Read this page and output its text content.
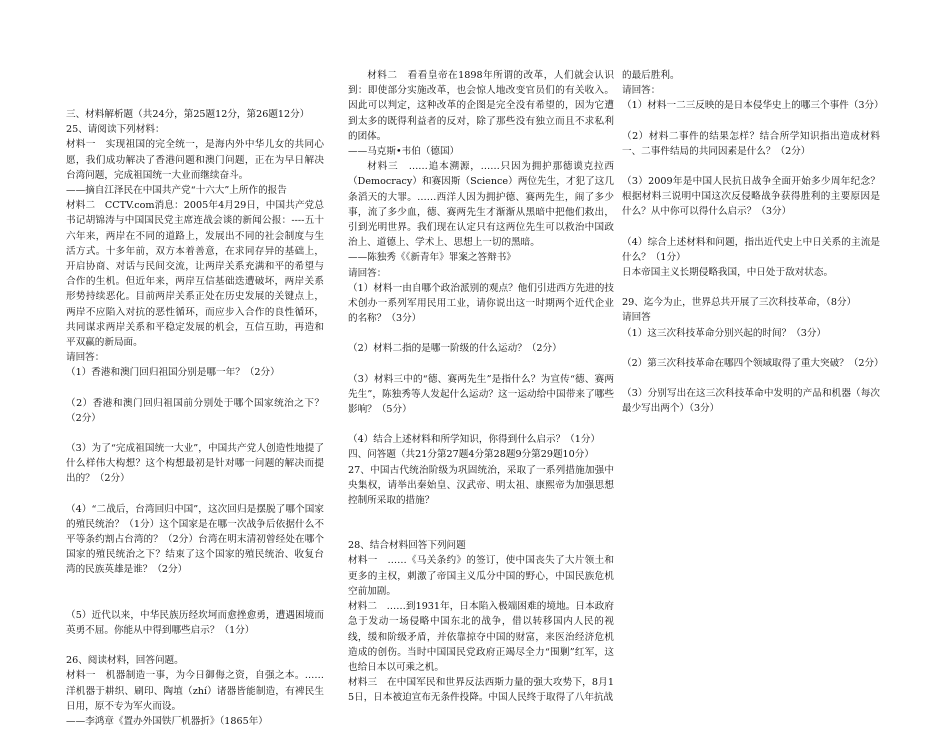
三、材料解析题（共24分，第25题12分，第26题12分）

25、请阅读下列材料：

材料一　实现祖国的完全统一，是海内外中华儿女的共同心愿，我们成功解决了香港问题和澳门问题，正在为早日解决台湾问题，完成祖国统一大业而继续奋斗。

——摘自江泽民在中国共产党“十六大”上所作的报告

材料二　CCTV.com消息：2005年4月29日，中国共产党总书记胡锦涛与中国国民党主席连战会谈的新闻公报：----五十六年来，两岸在不同的道路上，发展出不同的社会制度与生活方式。十多年前，双方本着善意，在求同存异的基础上，开启协商、对话与民间交流，让两岸关系充满和平的希望与合作的生机。但近年来，两岸互信基础迭遭破坏，两岸关系形势持续恶化。目前两岸关系正处在历史发展的关键点上，两岸不应陷入对抗的恶性循环，而应步入合作的良性循环，共同谋求两岸关系和平稳定发展的机会，互信互助，再造和平双赢的新局面。

请回答：

（1）香港和澳门回归祖国分别是哪一年？（2分）

（2）香港和澳门回归祖国前分别处于哪个国家统治之下？（2分）

（3）为了“完成祖国统一大业”，中国共产党人创造性地提了什么样伟大构想？这个构想最初是针对哪一问题的解决而提出的？（2分）

（4）“二战后，台湾回归中国”，这次回归是摆脱了哪个国家的殖民统治？（1分）这个国家是在哪一次战争后依据什么不平等条约割占台湾的？（2分）台湾在明末清初曾经处在哪个国家的殖民统治之下？结束了这个国家的殖民统治、收复台湾的民族英雄是谁？（2分）

（5）近代以来，中华民族历经坎坷而愈挫愈勇，遭遇困境而英勇不屈。你能从中得到哪些启示？（1分）

26、阅读材料，回答问题。

材料一　机器制造一事，为今日御侮之资，自强之本。……洋机器于耕织、刷印、陶埴（zhí）诸器皆能制造，有裨民生日用，原不专为军火而设。

——李鸿章《置办外国铁厂机器折》（1865年）

材料二　看看皇帝在1898年所谓的改革，人们就会认识到：即使部分实施改革，也会惊人地改变官员们的有关收入。因此可以判定，这种改革的企图是完全没有希望的，因为它遭到太多的既得利益者的反对，除了那些没有独立而且不求私利的团体。

——马克斯•韦伯（德国）

材料三　……追本溯源，……只因为拥护那德谟克拉西（Democracy）和赛因斯（Science）两位先生，才犯了这几条滔天的大罪。……西洋人因为拥护德、赛两先生，闹了多少事，流了多少血，德、赛两先生才渐渐从黑暗中把他们救出，引到光明世界。我们现在认定只有这两位先生可以救治中国政治上、道德上、学术上、思想上一切的黑暗。

——陈独秀《《新青年》罪案之答辩书》

请回答：

（1）材料一由自哪个政治派别的观点？他们引进西方先进的技术创办一系列军用民用工业，请你说出这一时期两个近代企业的名称？（3分）

（2）材料二指的是哪一阶级的什么运动？（2分）

（3）材料三中的“德、赛两先生”是指什么？为宣传“德、赛两先生”，陈独秀等人发起什么运动？这一运动给中国带来了哪些影响？（5分）

（4）结合上述材料和所学知识，你得到什么启示？（1分）

四、问答题（共21分第27题4分第28题9分第29题10分）

27、中国古代统治阶级为巩固统治，采取了一系列措施加强中央集权，请举出秦始皇、汉武帝、明太祖、康熙帝为加强思想控制所采取的措施？

28、结合材料回答下列问题

材料一　……《马关条约》的签订，使中国丧失了大片领土和更多的主权，刺激了帝国主义瓜分中国的野心，中国民族危机空前加剧。

材料二　……到1931年，日本陷入极端困难的境地。日本政府急于发动一场侵略中国东北的战争，借以转移国内人民的视线，缓和阶级矛盾，并依靠掠夺中国的财富，来医治经济危机造成的创伤。当时中国国民党政府正竭尽全力“围剿”红军，这也给日本以可乘之机。

材料三　在中国军民和世界反法西斯力量的强大攻势下，8月15日，日本被迫宣布无条件投降。中国人民终于取得了八年抗战

的最后胜利。

请回答：

（1）材料一二三反映的是日本侵华史上的哪三个事件（3分）

（2）材料二事件的结果怎样？结合所学知识指出造成材料一、二事件结局的共同因素是什么？（2分）

（3）2009年是中国人民抗日战争全面开始多少周年纪念？根据材料三说明中国这次反侵略战争获得胜利的主要原因是什么？从中你可以得什么启示？（3分）

（4）综合上述材料和问题，指出近代史上中日关系的主流是什么？（1分）

日本帝国主义长期侵略我国，中日处于敌对状态。

29、迄今为止，世界总共开展了三次科技革命，（8分）

请回答

（1）这三次科技革命分别兴起的时间？（3分）

（2）第三次科技革命在哪四个领域取得了重大突破？（2分）

（3）分别写出在这三次科技革命中发明的产品和机器（每次最少写出两个）（3分）
